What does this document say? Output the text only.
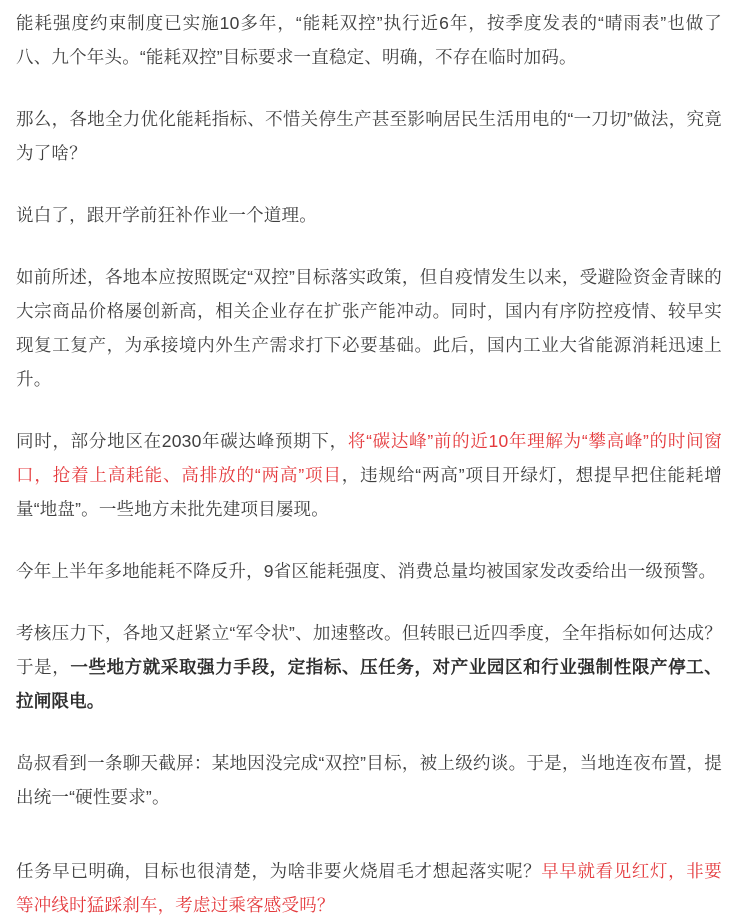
能耗强度约束制度已实施10多年，“能耗双控”执行近6年，按季度发表的“晴雨表”也做了八、九个年头。“能耗双控”目标要求一直稳定、明确，不存在临时加码。

那么，各地全力优化能耗指标、不惜关停生产甚至影响居民生活用电的“一刀切”做法，究竟为了啥？

说白了，跟开学前狂补作业一个道理。

如前所述，各地本应按照既定“双控”目标落实政策，但自疫情发生以来，受避险资金青睐的大宗商品价格屡创新高，相关企业存在扩张产能冲动。同时，国内有序防控疫情、较早实现复工复产，为承接境内外生产需求打下必要基础。此后，国内工业大省能源消耗迅速上升。

同时，部分地区在2030年碳达峰预期下，将“碳达峰”前的近10年理解为“攀高峰”的时间窗口，抢着上高耗能、高排放的“两高”项目，违规给“两高”项目开绿灯，想提早把住能耗增量“地盘”。一些地方未批先建项目屡现。

今年上半年多地能耗不降反升，9省区能耗强度、消费总量均被国家发改委给出一级预警。

考核压力下，各地又赶紧立“军令状”、加速整改。但转眼已近四季度，全年指标如何达成？于是，一些地方就采取强力手段，定指标、压任务，对产业园区和行业强制性限产停工、拉闸限电。

岛叔看到一条聊天截屏：某地因没完成“双控”目标，被上级约谈。于是，当地连夜布置，提出统一“硬性要求”。

任务早已明确，目标也很清楚，为啥非要火烧眉毛才想起落实呢？早早就看见红灯，非要等冲线时猛踩刹车，考虑过乘客感受吗？
